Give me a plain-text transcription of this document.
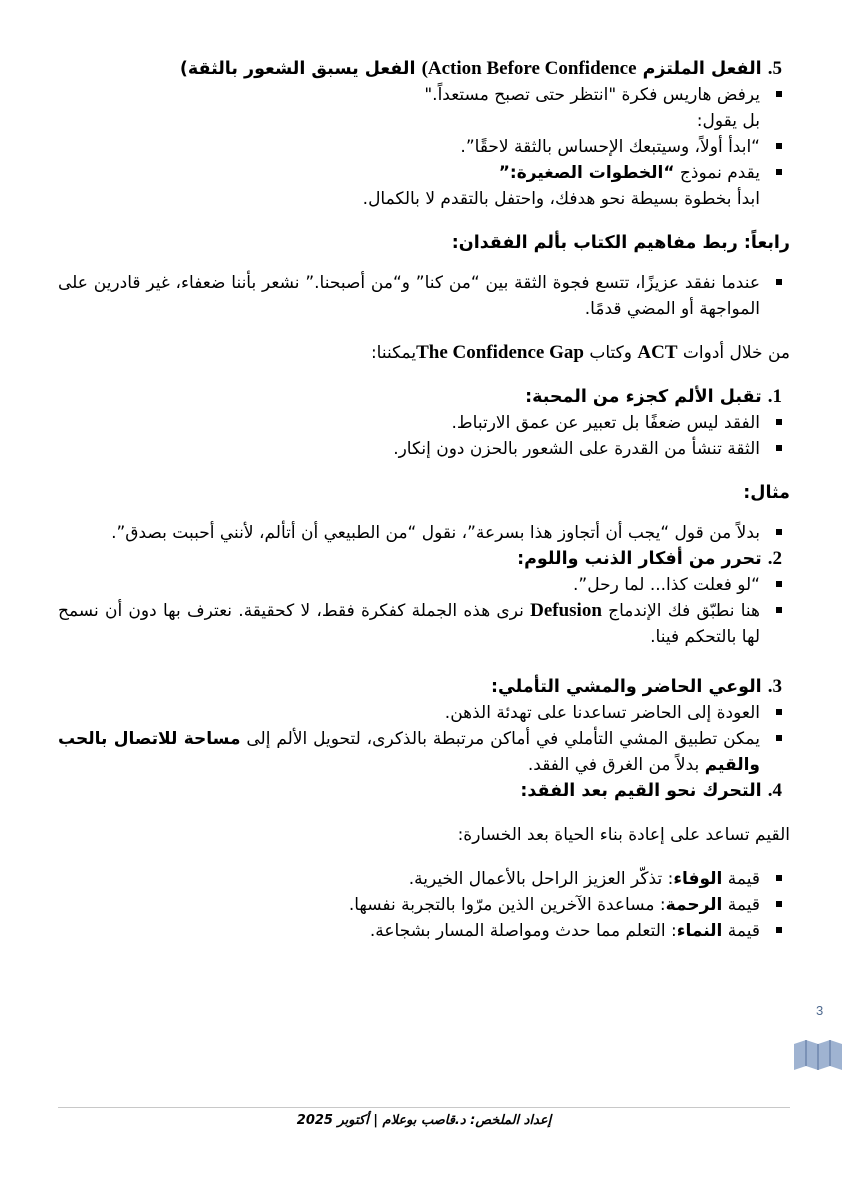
5. الفعل الملتزم (Action Before Confidence الفعل يسبق الشعور بالثقة)
يرفض هاريس فكرة "انتظر حتى تصبح مستعداً."
بل يقول:
“ابدأ أولاً، وسيتبعك الإحساس بالثقة لاحقًا”.
يقدم نموذج “الخطوات الصغيرة:”
ابدأ بخطوة بسيطة نحو هدفك، واحتفل بالتقدم لا بالكمال.
رابعاً: ربط مفاهيم الكتاب بألم الفقدان:
عندما نفقد عزيزًا، تتسع فجوة الثقة بين “من كنا” و“من أصبحنا.” نشعر بأننا ضعفاء، غير قادرين على المواجهة أو المضي قدمًا.
من خلال أدوات ACT وكتاب The Confidence Gapيمكننا:
1. تقبل الألم كجزء من المحبة:
الفقد ليس ضعفًا بل تعبير عن عمق الارتباط.
الثقة تنشأ من القدرة على الشعور بالحزن دون إنكار.
مثال:
بدلاً من قول “يجب أن أتجاوز هذا بسرعة”، نقول “من الطبيعي أن أتألم، لأنني أحببت بصدق”.
2. تحرر من أفكار الذنب واللوم:
“لو فعلت كذا... لما رحل”.
هنا نطبّق فك الإندماج Defusion نرى هذه الجملة كفكرة فقط، لا كحقيقة. نعترف بها دون أن نسمح لها بالتحكم فينا.
3. الوعي الحاضر والمشي التأملي:
العودة إلى الحاضر تساعدنا على تهدئة الذهن.
يمكن تطبيق المشي التأملي في أماكن مرتبطة بالذكرى، لتحويل الألم إلى مساحة للاتصال بالحب والقيم بدلاً من الغرق في الفقد.
4. التحرك نحو القيم بعد الفقد:
القيم تساعد على إعادة بناء الحياة بعد الخسارة:
قيمة الوفاء: تذكّر العزيز الراحل بالأعمال الخيرية.
قيمة الرحمة: مساعدة الآخرين الذين مرّوا بالتجربة نفسها.
قيمة النماء: التعلم مما حدث ومواصلة المسار بشجاعة.
3
إعداد الملخص: د.قاصب بوعلام | أكتوبر 2025
